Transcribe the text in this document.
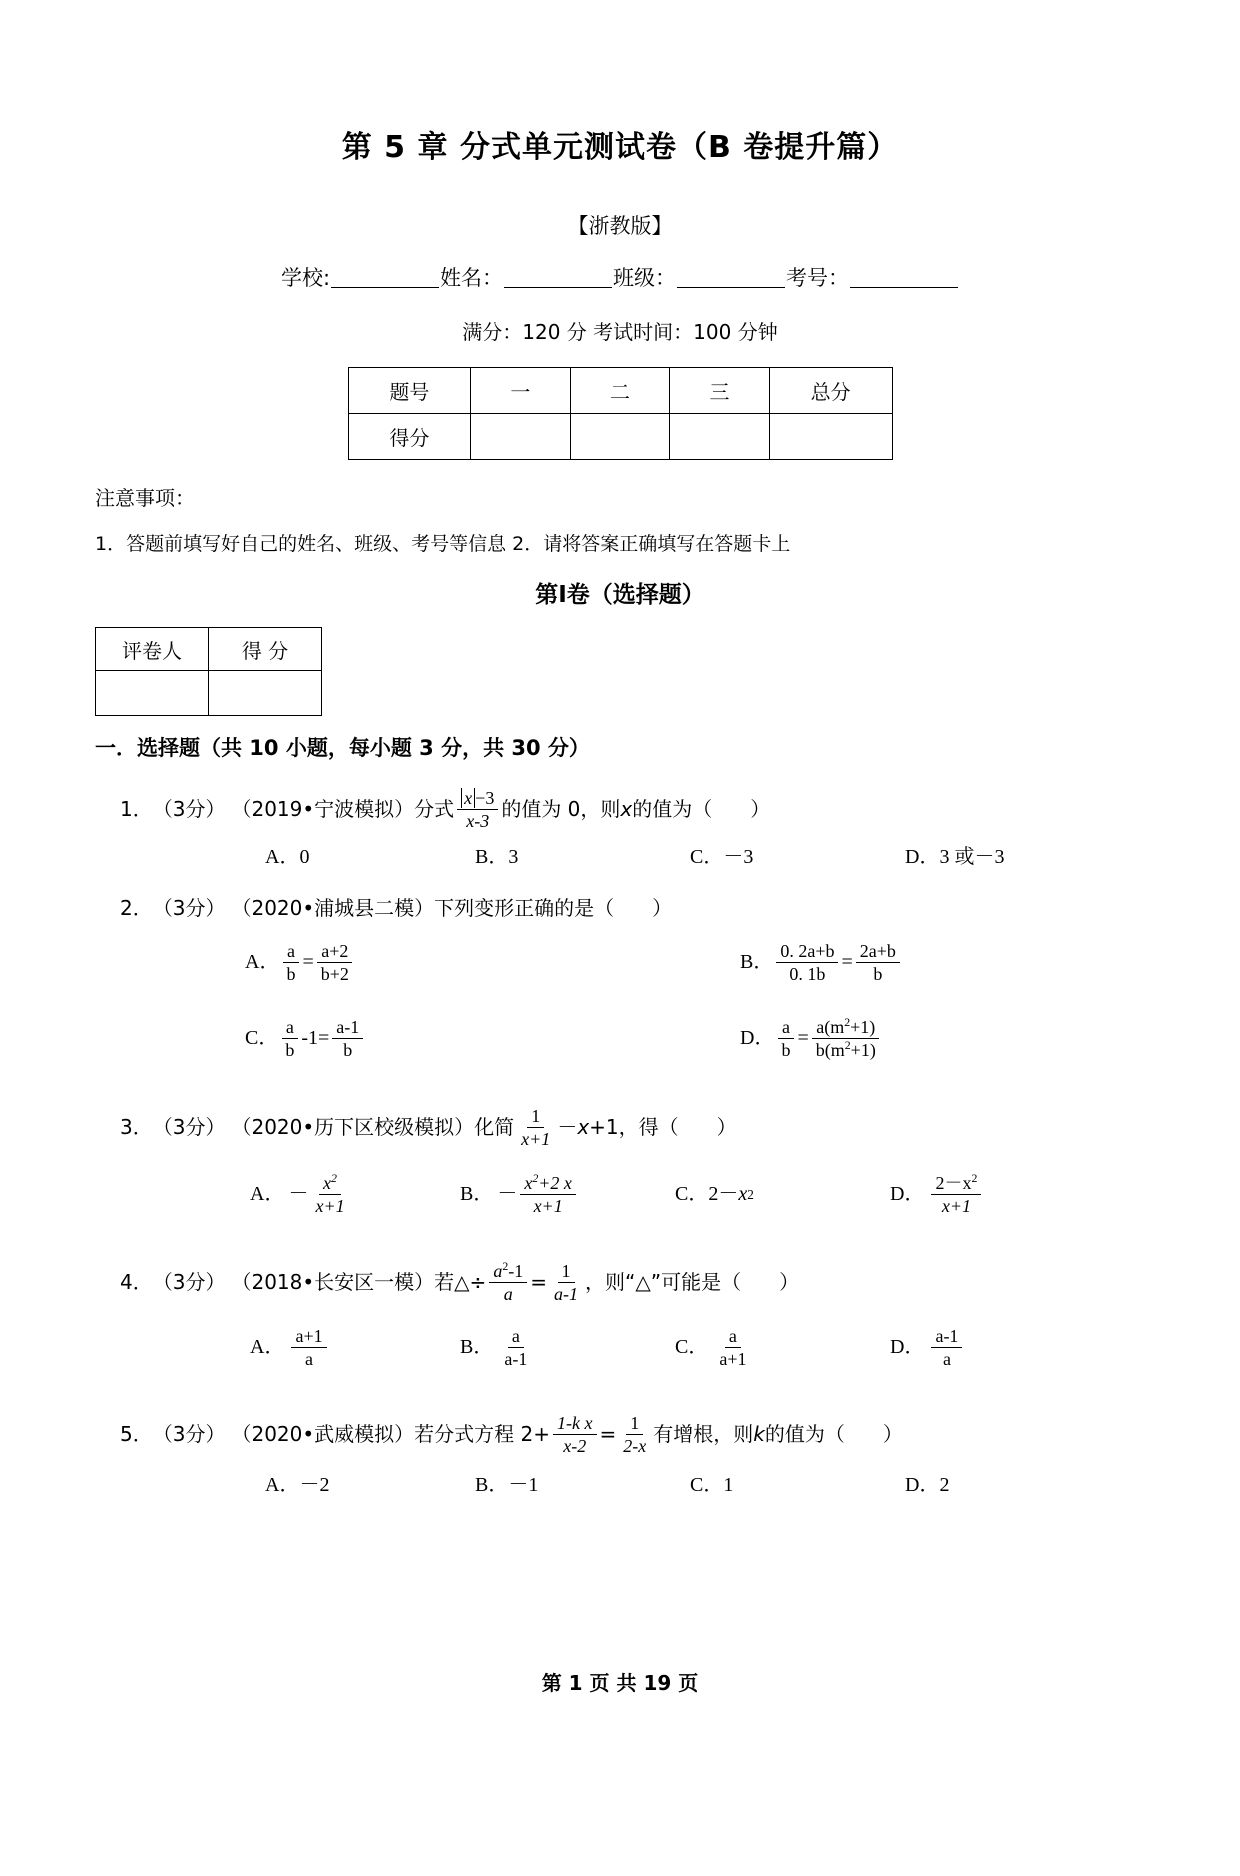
第 5 章 分式单元测试卷（B 卷提升篇）
【浙教版】
学校:	姓名：	班级：	考号：
满分：120 分 考试时间：100 分钟
题号	一	二	三	总分
得分				
注意事项：
1．答题前填写好自己的姓名、班级、考号等信息 2．请将答案正确填写在答题卡上
第Ⅰ卷（选择题）
评卷人	得 分

一．选择题（共 10 小题，每小题 3 分，共 30 分）
1． （3分） （2019•宁波模拟） 分式 $\frac{x -3}{x-3}$ 的值为 0，则 x 的值为（ ）
A．0	B．3	C．－3	D．3 或－3
2． （3分） （2020•浦城县二模） 下列变形正确的是（ ）
A． $\frac{a}{b} = \frac{a+2}{b+2}$	B． $\frac{0. 2a+b}{0. 1b} = \frac{2a+b}{b}$
C． $\frac{a}{b} -1= \frac{a-1}{b}$	D． $\frac{a}{b} = \frac{a(m^2+1)}{b(m^2+1)}$
3． （3分） （2020•历下区校级模拟） 化简 $\frac{1}{x+1} - x +1$ ，得（ ）
A． － $\frac{x^2}{x+1}$	B． － $\frac{x^2+2 x}{x+1}$	C．2－ x 2	D． $\frac{2-x^2}{x+1}$
4． （3分） （2018•长安区一模） 若△÷ $\frac{a^2-1}{a} = \frac{1}{a-1}$ ，则“△”可能是（ ）
A． $\frac{a+1}{a}$	B． $\frac{a}{a-1}$	C． $\frac{a}{a+1}$	D． $\frac{a-1}{a}$
5． （3分） （2020•武威模拟） 若分式方程 $2+ \frac{\text{1-k x}}{x-2} = \frac{1}{2-x}$ 有增根，则 k 的值为（ ）
A．－2	B．－1	C．1	D．2
第 1 页 共 19 页
